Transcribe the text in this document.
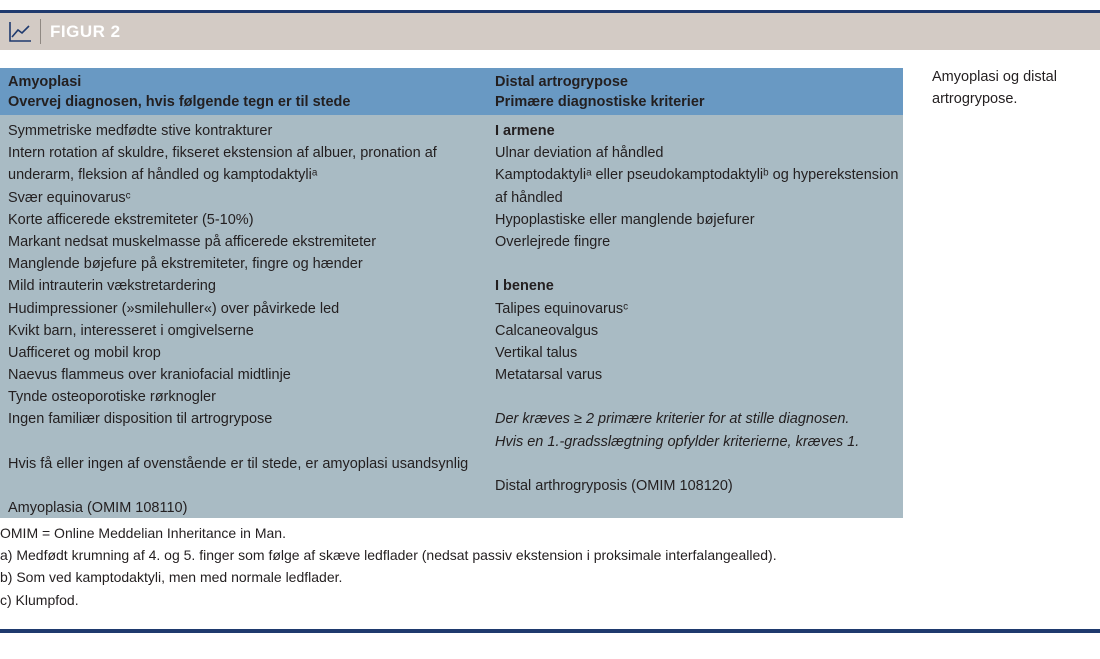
FIGUR 2
Amyoplasi
Overvej diagnosen, hvis følgende tegn er til stede
Distal artrogrypose
Primære diagnostiske kriterier
Symmetriske medfødte stive kontrakturer
Intern rotation af skuldre, fikseret ekstension af albuer, pronation af
underarm, fleksion af håndled og kamptodaktyliᵃ
Svær equinovarusᶜ
Korte afficerede ekstremiteter (5-10%)
Markant nedsat muskelmasse på afficerede ekstremiteter
Manglende bøjefure på ekstremiteter, fingre og hænder
Mild intrauterin vækstretardering
Hudimpressioner (»smilehuller«) over påvirkede led
Kvikt barn, interesseret i omgivelserne
Uafficeret og mobil krop
Naevus flammeus over kraniofacial midtlinje
Tynde osteoporotiske rørknogler
Ingen familiær disposition til artrogrypose
Hvis få eller ingen af ovenstående er til stede, er amyoplasi usandsynlig
Amyoplasia (OMIM 108110)
I armene
Ulnar deviation af håndled
Kamptodaktyliᵃ eller pseudokamptodaktyliᵇ og hyperekstension
af håndled
Hypoplastiske eller manglende bøjefurer
Overlejrede fingre
I benene
Talipes equinovarusᶜ
Calcaneovalgus
Vertikal talus
Metatarsal varus
Der kræves ≥ 2 primære kriterier for at stille diagnosen.
Hvis en 1.-gradsslægtning opfylder kriterierne, kræves 1.
Distal arthrogryposis (OMIM 108120)
Amyoplasi og distal artrogrypose.
OMIM = Online Meddelian Inheritance in Man.
a) Medfødt krumning af 4. og 5. finger som følge af skæve ledflader (nedsat passiv ekstension i proksimale interfalangealled).
b) Som ved kamptodaktyli, men med normale ledflader.
c) Klumpfod.
